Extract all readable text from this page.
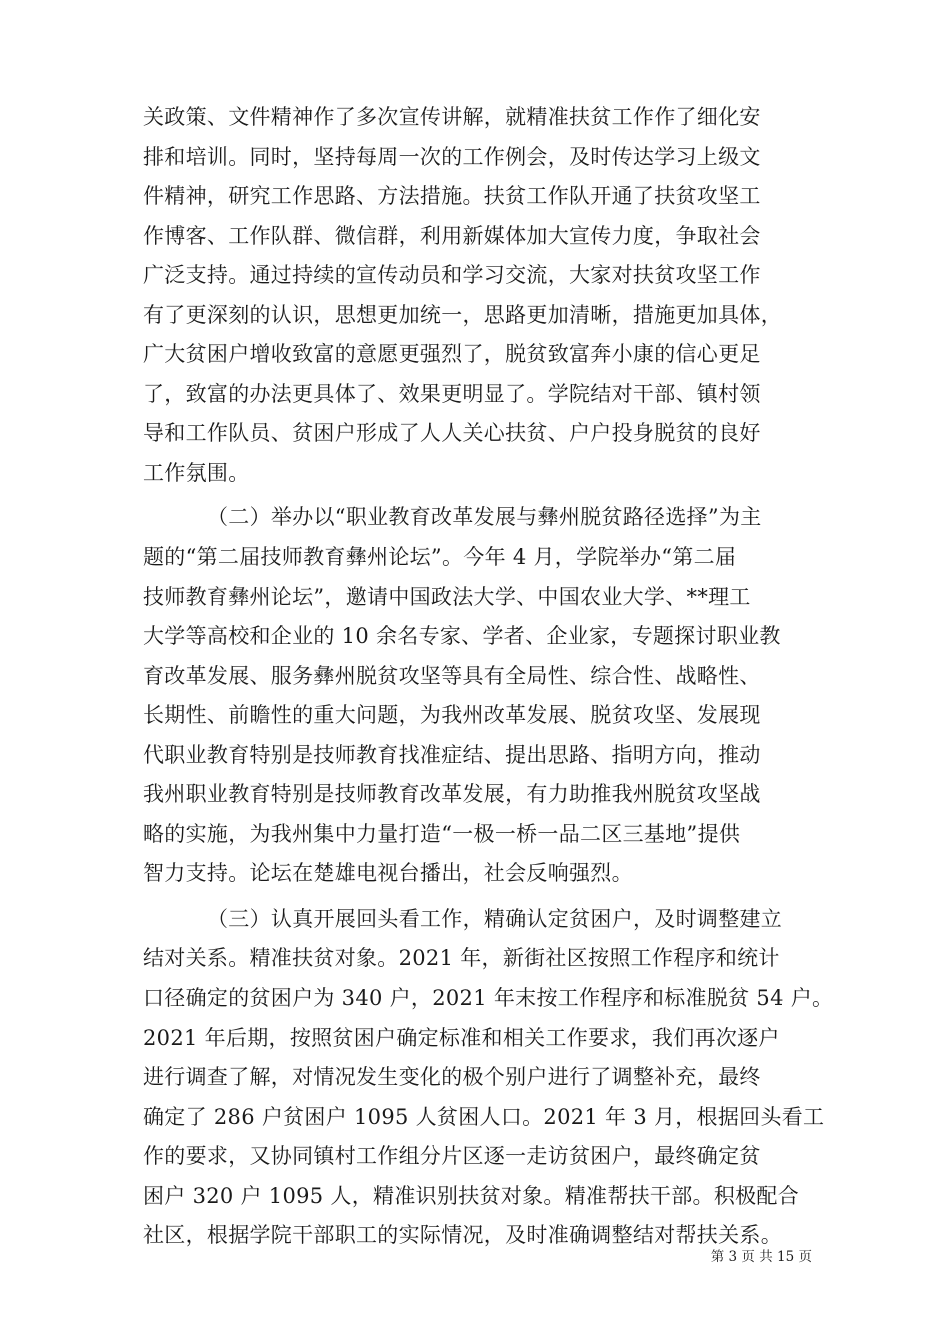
关政策、文件精神作了多次宣传讲解，就精准扶贫工作作了细化安
排和培训。同时，坚持每周一次的工作例会，及时传达学习上级文
件精神，研究工作思路、方法措施。扶贫工作队开通了扶贫攻坚工
作博客、工作队群、微信群，利用新媒体加大宣传力度，争取社会
广泛支持。通过持续的宣传动员和学习交流，大家对扶贫攻坚工作
有了更深刻的认识，思想更加统一，思路更加清晰，措施更加具体，
广大贫困户增收致富的意愿更强烈了，脱贫致富奔小康的信心更足
了，致富的办法更具体了、效果更明显了。学院结对干部、镇村领
导和工作队员、贫困户形成了人人关心扶贫、户户投身脱贫的良好
工作氛围。
（二）举办以“职业教育改革发展与彝州脱贫路径选择”为主
题的“第二届技师教育彝州论坛”。今年 4 月，学院举办“第二届
技师教育彝州论坛”，邀请中国政法大学、中国农业大学、**理工
大学等高校和企业的 10 余名专家、学者、企业家，专题探讨职业教
育改革发展、服务彝州脱贫攻坚等具有全局性、综合性、战略性、
长期性、前瞻性的重大问题，为我州改革发展、脱贫攻坚、发展现
代职业教育特别是技师教育找准症结、提出思路、指明方向，推动
我州职业教育特别是技师教育改革发展，有力助推我州脱贫攻坚战
略的实施，为我州集中力量打造“一极一桥一品二区三基地”提供
智力支持。论坛在楚雄电视台播出，社会反响强烈。
（三）认真开展回头看工作，精确认定贫困户，及时调整建立
结对关系。精准扶贫对象。2021 年，新街社区按照工作程序和统计
口径确定的贫困户为 340 户，2021 年末按工作程序和标准脱贫 54 户。
2021 年后期，按照贫困户确定标准和相关工作要求，我们再次逐户
进行调查了解，对情况发生变化的极个别户进行了调整补充，最终
确定了 286 户贫困户 1095 人贫困人口。2021 年 3 月，根据回头看工
作的要求，又协同镇村工作组分片区逐一走访贫困户，最终确定贫
困户 320 户 1095 人，精准识别扶贫对象。精准帮扶干部。积极配合
社区，根据学院干部职工的实际情况，及时准确调整结对帮扶关系。
第 3 页 共 15 页
